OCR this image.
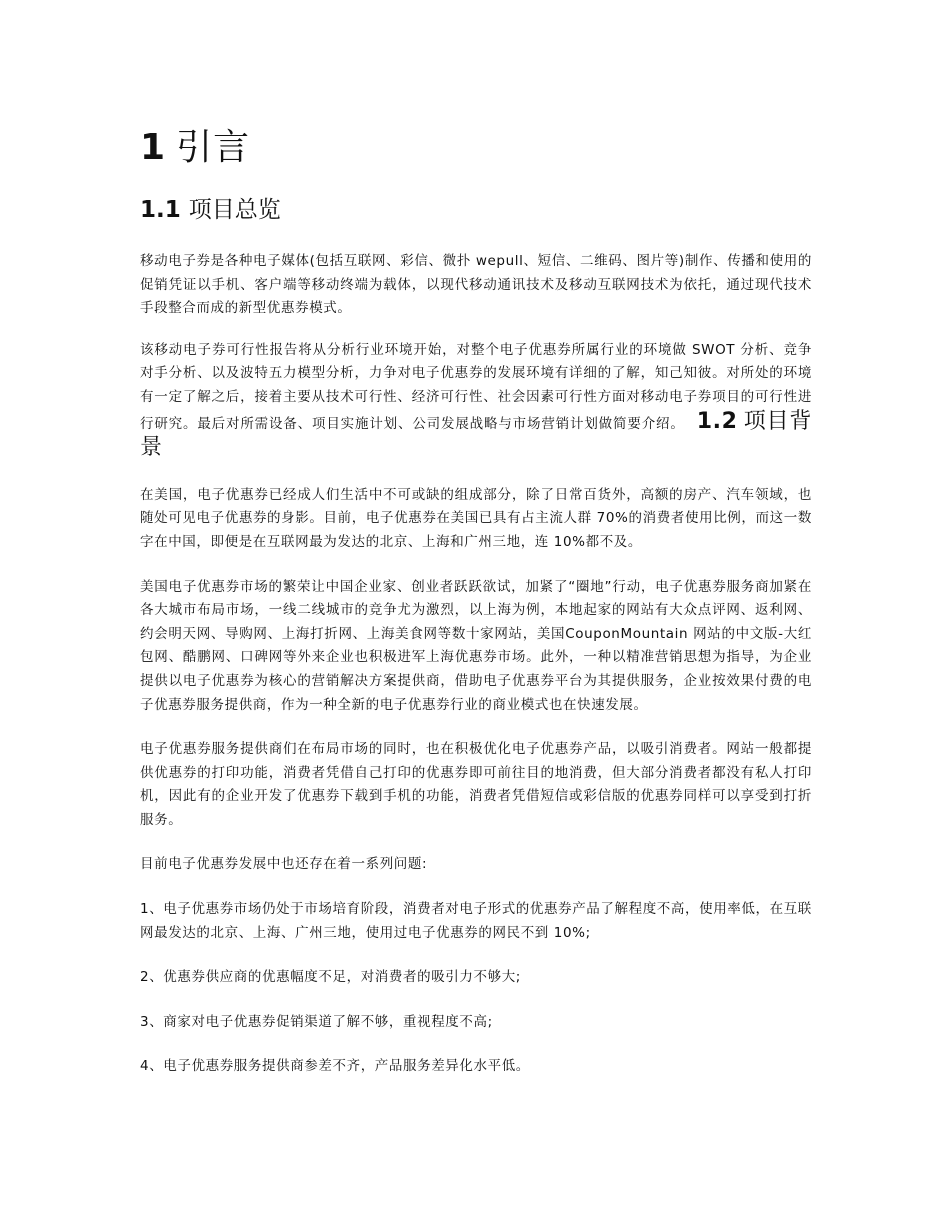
1 引言
1.1 项目总览

移动电子券是各种电子媒体(包括互联网、彩信、微扑 wepull、短信、二维码、图片等)制作、传播和使用的促销凭证以手机、客户端等移动终端为载体，以现代移动通讯技术及移动互联网技术为依托，通过现代技术手段整合而成的新型优惠券模式。

该移动电子券可行性报告将从分析行业环境开始，对整个电子优惠券所属行业的环境做 SWOT 分析、竞争对手分析、以及波特五力模型分析，力争对电子优惠券的发展环境有详细的了解，知己知彼。对所处的环境有一定了解之后，接着主要从技术可行性、经济可行性、社会因素可行性方面对移动电子券项目的可行性进行研究。最后对所需设备、项目实施计划、公司发展战略与市场营销计划做简要介绍。 1.2 项目背景

在美国，电子优惠券已经成人们生活中不可或缺的组成部分，除了日常百货外，高额的房产、汽车领域，也随处可见电子优惠券的身影。目前，电子优惠券在美国已具有占主流人群 70%的消费者使用比例，而这一数字在中国，即便是在互联网最为发达的北京、上海和广州三地，连 10%都不及。

美国电子优惠券市场的繁荣让中国企业家、创业者跃跃欲试，加紧了“圈地”行动，电子优惠券服务商加紧在各大城市布局市场，一线二线城市的竞争尤为激烈，以上海为例，本地起家的网站有大众点评网、返利网、约会明天网、导购网、上海打折网、上海美食网等数十家网站，美国CouponMountain 网站的中文版-大红包网、酷鹏网、口碑网等外来企业也积极进军上海优惠券市场。此外，一种以精准营销思想为指导，为企业提供以电子优惠券为核心的营销解决方案提供商，借助电子优惠券平台为其提供服务，企业按效果付费的电子优惠券服务提供商，作为一种全新的电子优惠券行业的商业模式也在快速发展。

电子优惠券服务提供商们在布局市场的同时，也在积极优化电子优惠券产品，以吸引消费者。网站一般都提供优惠券的打印功能，消费者凭借自己打印的优惠券即可前往目的地消费，但大部分消费者都没有私人打印机，因此有的企业开发了优惠券下载到手机的功能，消费者凭借短信或彩信版的优惠券同样可以享受到打折服务。

目前电子优惠券发展中也还存在着一系列问题:

1、电子优惠券市场仍处于市场培育阶段，消费者对电子形式的优惠券产品了解程度不高，使用率低，在互联网最发达的北京、上海、广州三地，使用过电子优惠券的网民不到 10%;

2、优惠券供应商的优惠幅度不足，对消费者的吸引力不够大;

3、商家对电子优惠券促销渠道了解不够，重视程度不高;

4、电子优惠券服务提供商参差不齐，产品服务差异化水平低。
